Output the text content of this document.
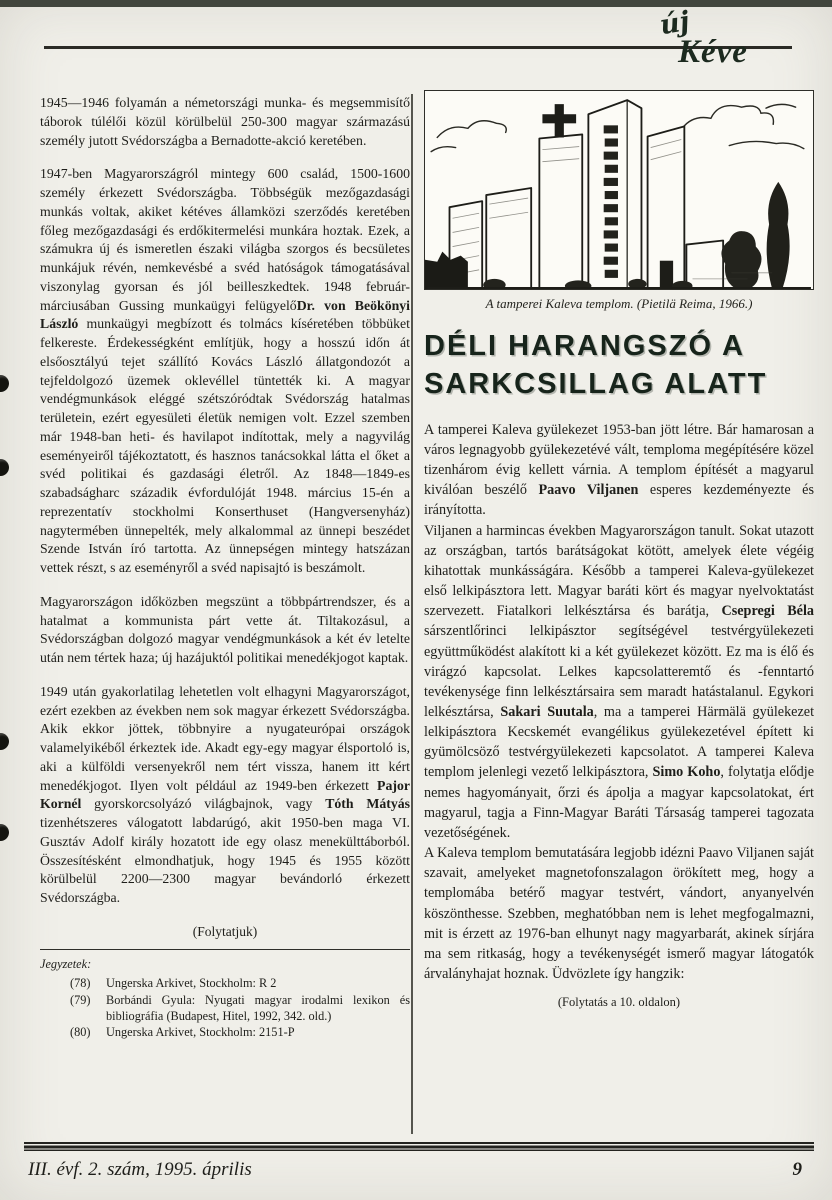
új
Kéve

1945—1946 folyamán a németországi munka- és megsemmisítő táborok túlélői közül körülbelül 250-300 magyar származású személy jutott Svédországba a Bernadotte-akció keretében.

1947-ben Magyarországról mintegy 600 család, 1500-1600 személy érkezett Svédországba. Többségük mezőgazdasági munkás voltak, akiket kétéves államközi szerződés keretében főleg mezőgazdasági és erdőkitermelési munkára hoztak. Ezek, a számukra új és ismeretlen északi világba szorgos és becsületes munkájuk révén, nemkevésbé a svéd hatóságok támogatásával viszonylag gyorsan és jól beilleszkedtek. 1948 február-márciusában Gussing munkaügyi felügyelőDr. von Beökönyi László munkaügyi megbízott és tolmács kíséretében többüket felkereste. Érdekességként említjük, hogy a hosszú időn át elsőosztályú tejet szállító Kovács László állatgondozót a tejfeldolgozó üzemek oklevéllel tüntették ki. A magyar vendégmunkások eléggé szétszóródtak Svédország hatalmas területein, ezért egyesületi életük nemigen volt. Ezzel szemben már 1948-ban heti- és havilapot indítottak, mely a nagyvilág eseményeiről tájékoztatott, és hasznos tanácsokkal látta el őket a svéd politikai és gazdasági életről. Az 1848—1849-es szabadságharc századik évfordulóját 1948. március 15-én a reprezentatív stockholmi Konserthuset (Hangversenyház) nagytermében ünnepelték, mely alkalommal az ünnepi beszédet Szende István író tartotta. Az ünnepségen mintegy hatszázan vettek részt, s az eseményről a svéd napisajtó is beszámolt.

Magyarországon időközben megszünt a többpártrendszer, és a hatalmat a kommunista párt vette át. Tiltakozásul, a Svédországban dolgozó magyar vendégmunkások a két év letelte után nem tértek haza; új hazájuktól politikai menedékjogot kaptak.

1949 után gyakorlatilag lehetetlen volt elhagyni Magyarországot, ezért ezekben az években nem sok magyar érkezett Svédországba. Akik ekkor jöttek, többnyire a nyugateurópai országok valamelyikéből érkeztek ide. Akadt egy-egy magyar élsportoló is, aki a külföldi versenyekről nem tért vissza, hanem itt kért menedékjogot. Ilyen volt például az 1949-ben érkezett Pajor Kornél gyorskorcsolyázó világbajnok, vagy Tóth Mátyás tizenhétszeres válogatott labdarúgó, akit 1950-ben maga VI. Gusztáv Adolf király hozatott ide egy olasz menekülttáborból. Összesítésként elmondhatjuk, hogy 1945 és 1955 között körülbelül 2200—2300 magyar bevándorló érkezett Svédországba.

(Folytatjuk)

Jegyzetek:

(78)	Ungerska Arkivet, Stockholm: R 2
(79)	Borbándi Gyula: Nyugati magyar irodalmi lexikon és bibliográfia (Budapest, Hitel, 1992, 342. old.)
(80)	Ungerska Arkivet, Stockholm: 2151-P
A tamperei Kaleva templom. (Pietilä Reima, 1966.)
DÉLI HARANGSZÓ A
SARKCSILLAG ALATT

A tamperei Kaleva gyülekezet 1953-ban jött létre. Bár hamarosan a város legnagyobb gyülekezetévé vált, temploma megépítésére közel tizenhárom évig kellett várnia. A templom építését a magyarul kiválóan beszélő Paavo Viljanen esperes kezdeményezte és irányította.

Viljanen a harmincas években Magyarországon tanult. Sokat utazott az országban, tartós barátságokat kötött, amelyek élete végéig kihatottak munkásságára. Később a tamperei Kaleva-gyülekezet első lelkipásztora lett. Magyar baráti kört és magyar nyelvoktatást szervezett. Fiatalkori lelkésztársa és barátja, Csepregi Béla sárszentlőrinci lelkipásztor segítségével testvérgyülekezeti együttműködést alakított ki a két gyülekezet között. Ez ma is élő és virágzó kapcsolat. Lelkes kapcsolatteremtő és -fenntartó tevékenysége finn lelkésztársaira sem maradt hatástalanul. Egykori lelkésztársa, Sakari Suutala, ma a tamperei Härmälä gyülekezet lelkipásztora Kecskemét evangélikus gyülekezetével épített ki gyümölcsöző testvérgyülekezeti kapcsolatot. A tamperei Kaleva templom jelenlegi vezető lelkipásztora, Simo Koho, folytatja elődje nemes hagyományait, őrzi és ápolja a magyar kapcsolatokat, ért magyarul, tagja a Finn-Magyar Baráti Társaság tamperei tagozata vezetőségének.

A Kaleva templom bemutatására legjobb idézni Paavo Viljanen saját szavait, amelyeket magnetofonszalagon örökített meg, hogy a templomába betérő magyar testvért, vándort, anyanyelvén köszönthesse. Szebben, meghatóbban nem is lehet megfogalmazni, mit is érzett az 1976-ban elhunyt nagy magyarbarát, akinek sírjára ma sem ritkaság, hogy a tevékenységét ismerő magyar látogatók árvalányhajat hoznak. Üdvözlete így hangzik:

(Folytatás a 10. oldalon)

III. évf. 2. szám, 1995. április	9
